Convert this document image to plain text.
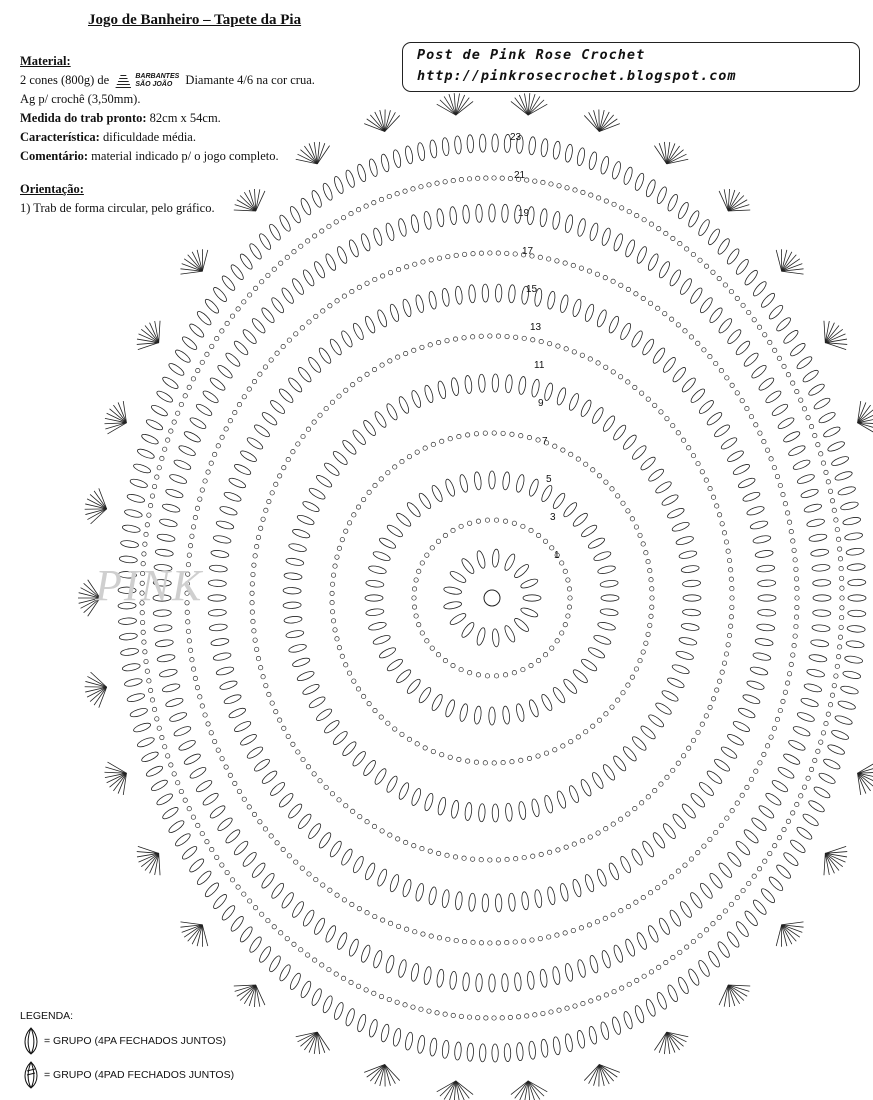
Jogo de Banheiro – Tapete da Pia
Material:
2 cones (800g) de	BARBANTES
SÃO JOÃO Diamante 4/6 na cor crua.
Ag p/ crochê (3,50mm).
Medida do trab pronto: 82cm x 54cm.
Característica: dificuldade média.
Comentário: material indicado p/ o jogo completo.
Orientação:
1) Trab de forma circular, pelo gráfico.
Post de Pink Rose Crochet
http://pinkrosecrochet.blogspot.com
23
21
19
17
15
13
11
9
7
5
3
1
PINK
LEGENDA:
= GRUPO (4PA FECHADOS JUNTOS)
= GRUPO (4PAD FECHADOS JUNTOS)
